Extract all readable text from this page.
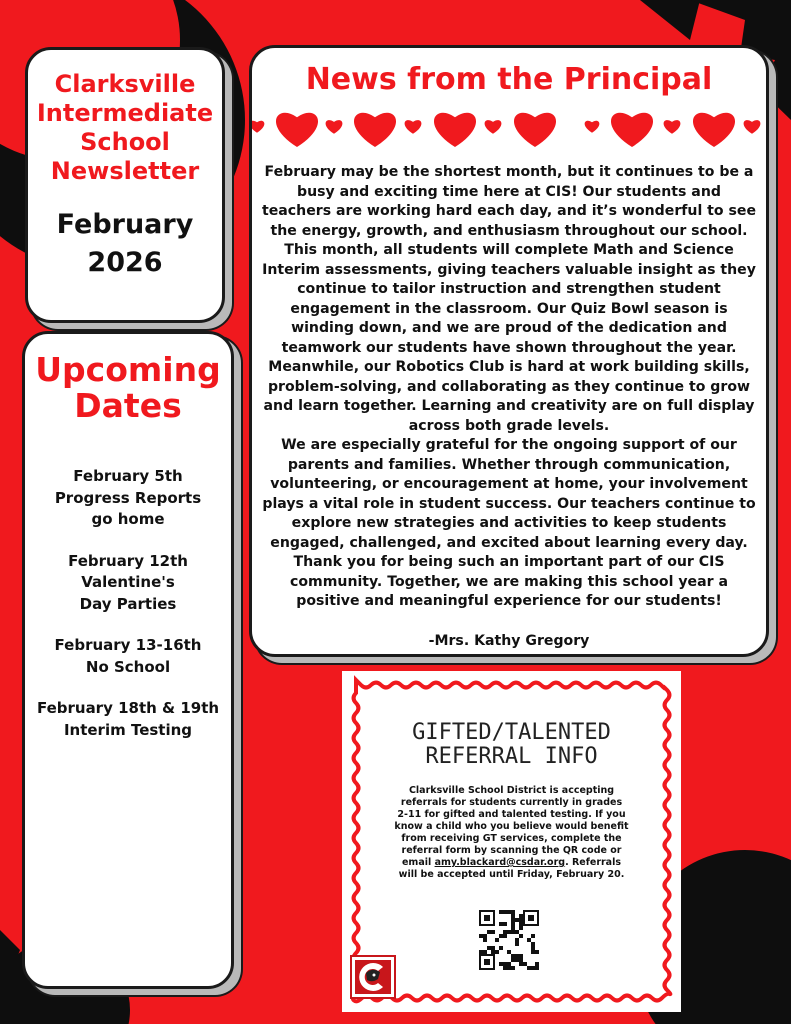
Clarksville
Intermediate
School
Newsletter
February
2026
Upcoming
Dates
February 5th
Progress Reports go home
February 12th
Valentine's Day Parties
February 13-16th
No School
February 18th & 19th
Interim Testing
News from the Principal

February may be the shortest month, but it continues to be a busy and exciting time here at CIS! Our students and teachers are working hard each day, and it’s wonderful to see the energy, growth, and enthusiasm throughout our school. This month, all students will complete Math and Science Interim assessments, giving teachers valuable insight as they continue to tailor instruction and strengthen student engagement in the classroom. Our Quiz Bowl season is winding down, and we are proud of the dedication and teamwork our students have shown throughout the year. Meanwhile, our Robotics Club is hard at work building skills, problem-solving, and collaborating as they continue to grow and learn together. Learning and creativity are on full display across both grade levels.

We are especially grateful for the ongoing support of our parents and families. Whether through communication, volunteering, or encouragement at home, your involvement plays a vital role in student success. Our teachers continue to explore new strategies and activities to keep students engaged, challenged, and excited about learning every day. Thank you for being such an important part of our CIS community. Together, we are making this school year a positive and meaningful experience for our students!

-Mrs. Kathy Gregory

GIFTED/TALENTED
REFERRAL INFO
Clarksville School District is accepting referrals for students currently in grades 2-11 for gifted and talented testing. If you know a child who you believe would benefit from receiving GT services, complete the referral form by scanning the QR code or email amy.blackard@csdar.org. Referrals will be accepted until Friday, February 20.
